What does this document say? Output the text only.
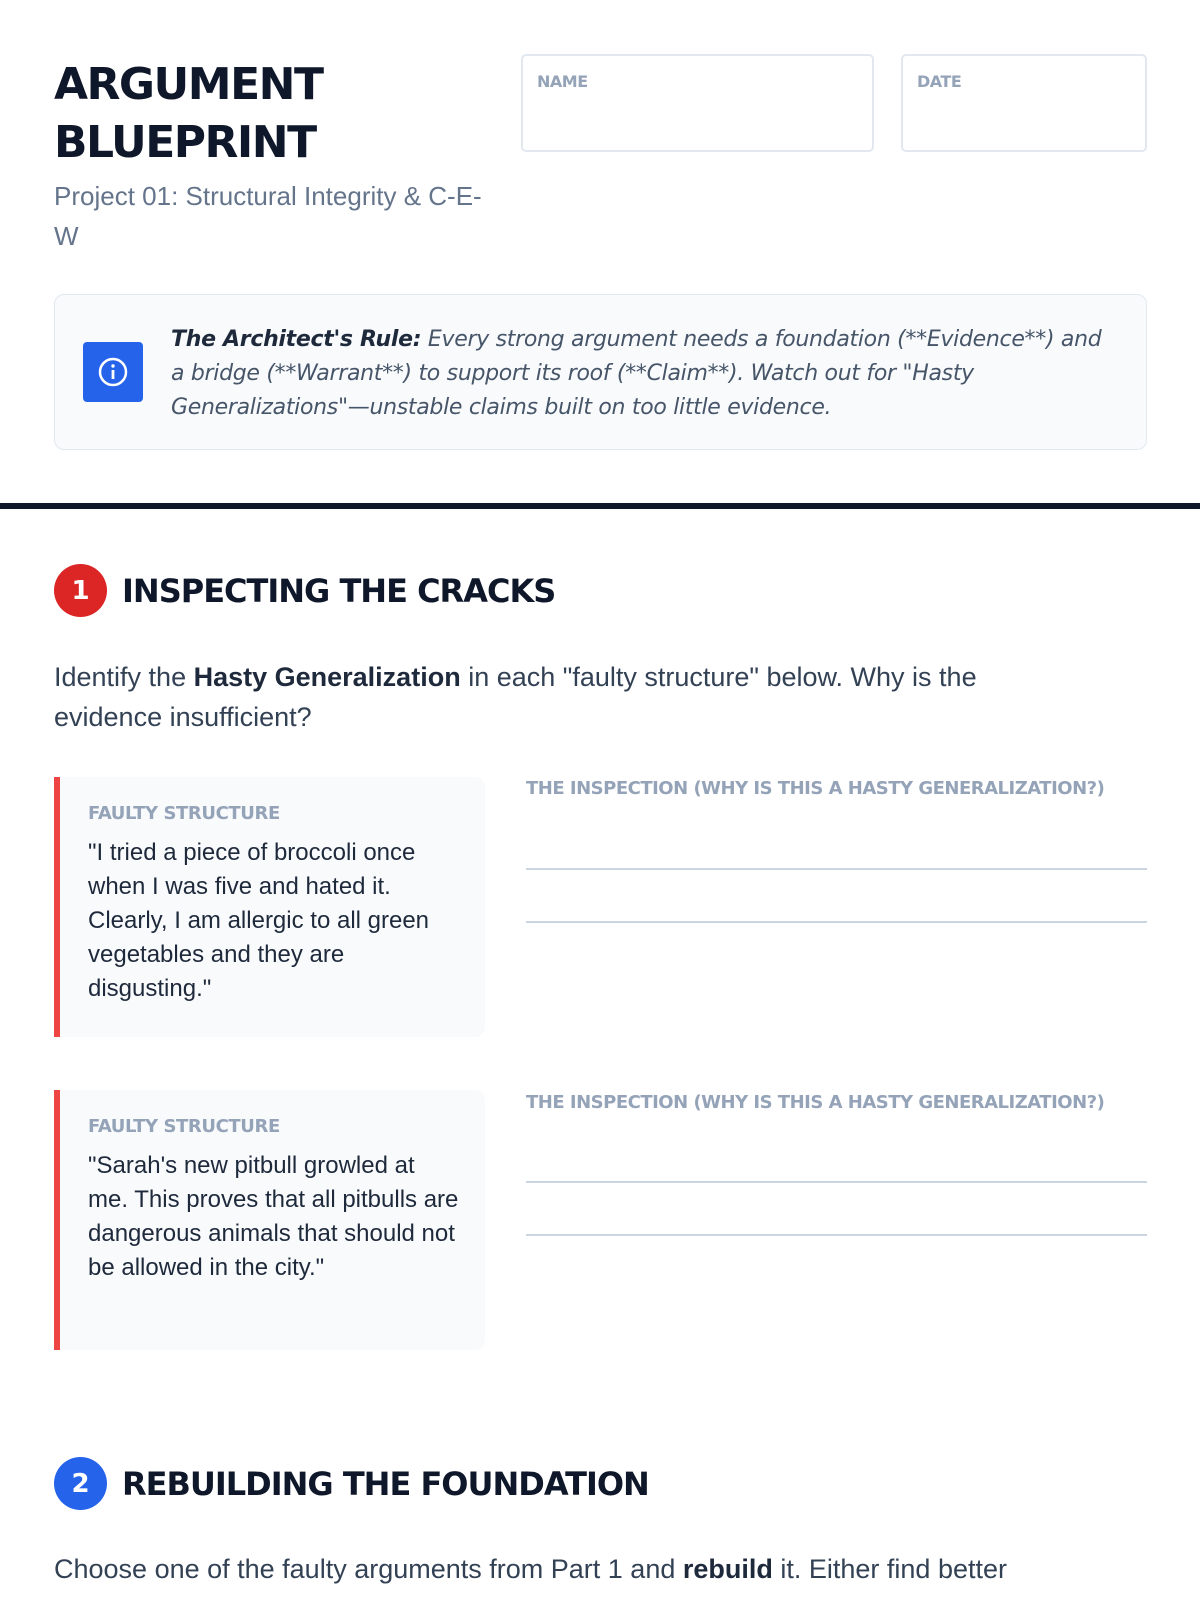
ARGUMENT
BLUEPRINT
Project 01: Structural Integrity & C-E-W
NAME	DATE
The Architect's Rule: Every strong argument needs a foundation (**Evidence**) and a bridge (**Warrant**) to support its roof (**Claim**). Watch out for "Hasty Generalizations"—unstable claims built on too little evidence.
1	INSPECTING THE CRACKS
Identify the Hasty Generalization in each "faulty structure" below. Why is the evidence insufficient?
FAULTY STRUCTURE
"I tried a piece of broccoli once when I was five and hated it. Clearly, I am allergic to all green vegetables and they are disgusting."
THE INSPECTION (WHY IS THIS A HASTY GENERALIZATION?)
FAULTY STRUCTURE
"Sarah's new pitbull growled at me. This proves that all pitbulls are dangerous animals that should not be allowed in the city."
THE INSPECTION (WHY IS THIS A HASTY GENERALIZATION?)
2	REBUILDING THE FOUNDATION
Choose one of the faulty arguments from Part 1 and rebuild it. Either find better
